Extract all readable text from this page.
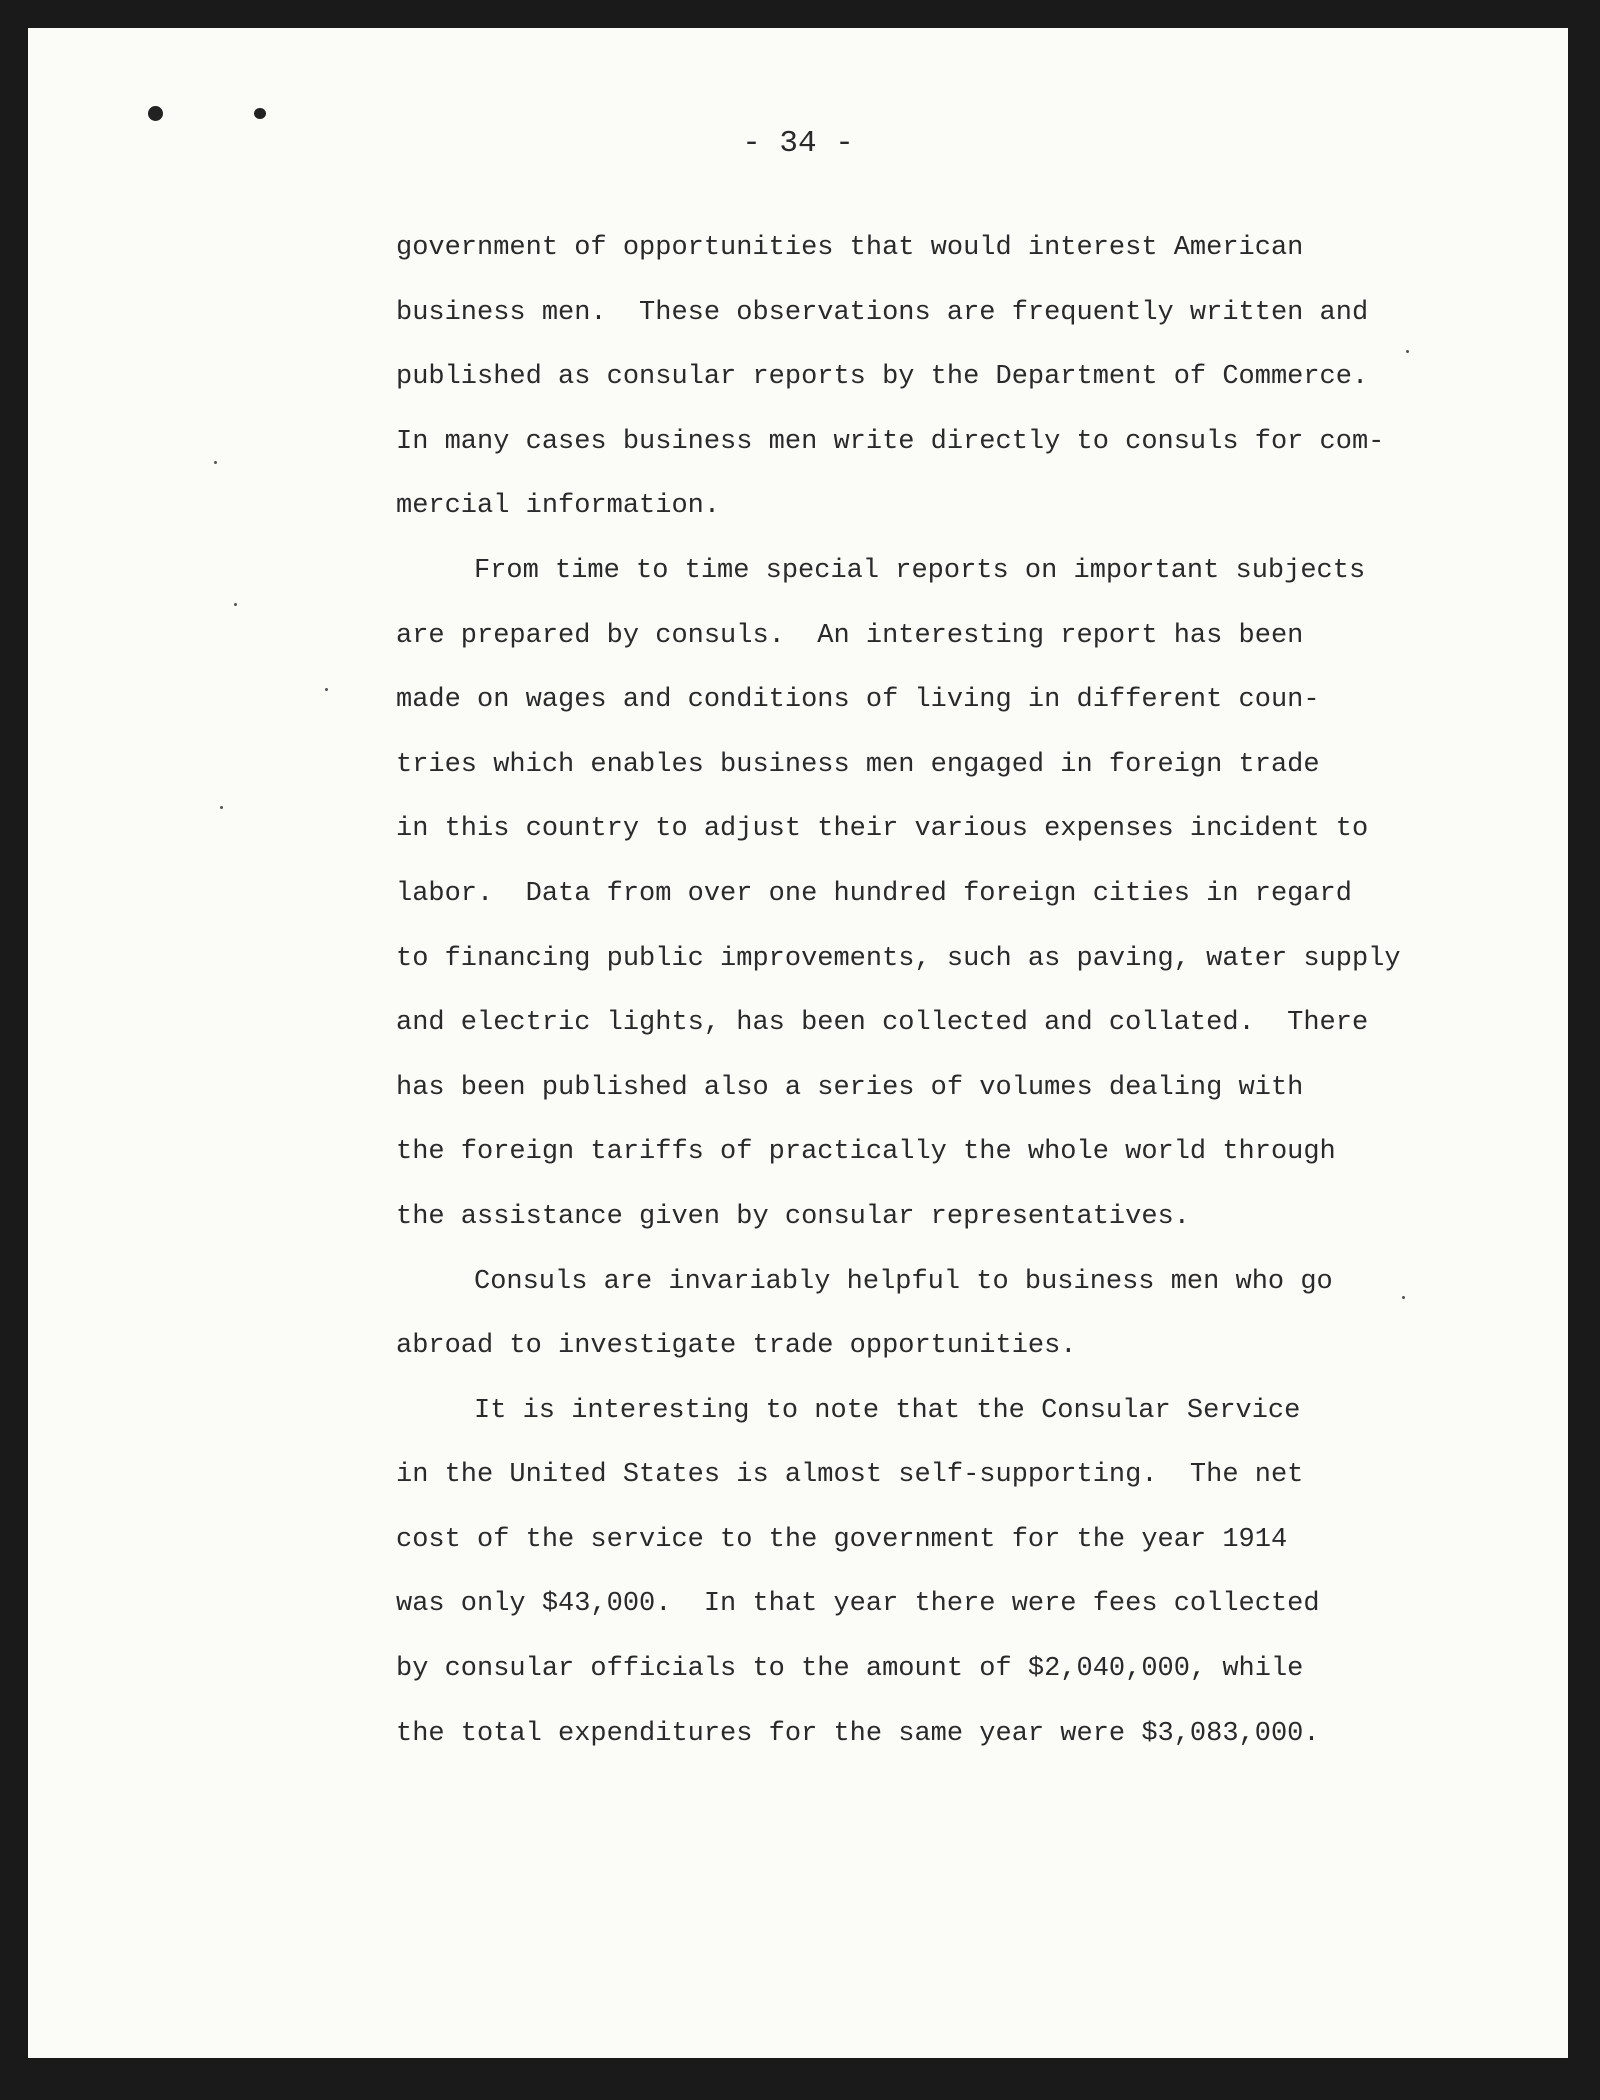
- 34 -
government of opportunities that would interest American
business men.  These observations are frequently written and
published as consular reports by the Department of Commerce.
In many cases business men write directly to consuls for com-
mercial information.
From time to time special reports on important subjects
are prepared by consuls.  An interesting report has been
made on wages and conditions of living in different coun-
tries which enables business men engaged in foreign trade
in this country to adjust their various expenses incident to
labor.  Data from over one hundred foreign cities in regard
to financing public improvements, such as paving, water supply
and electric lights, has been collected and collated.  There
has been published also a series of volumes dealing with
the foreign tariffs of practically the whole world through
the assistance given by consular representatives.
Consuls are invariably helpful to business men who go
abroad to investigate trade opportunities.
It is interesting to note that the Consular Service
in the United States is almost self-supporting.  The net
cost of the service to the government for the year 1914
was only $43,000.  In that year there were fees collected
by consular officials to the amount of $2,040,000, while
the total expenditures for the same year were $3,083,000.
